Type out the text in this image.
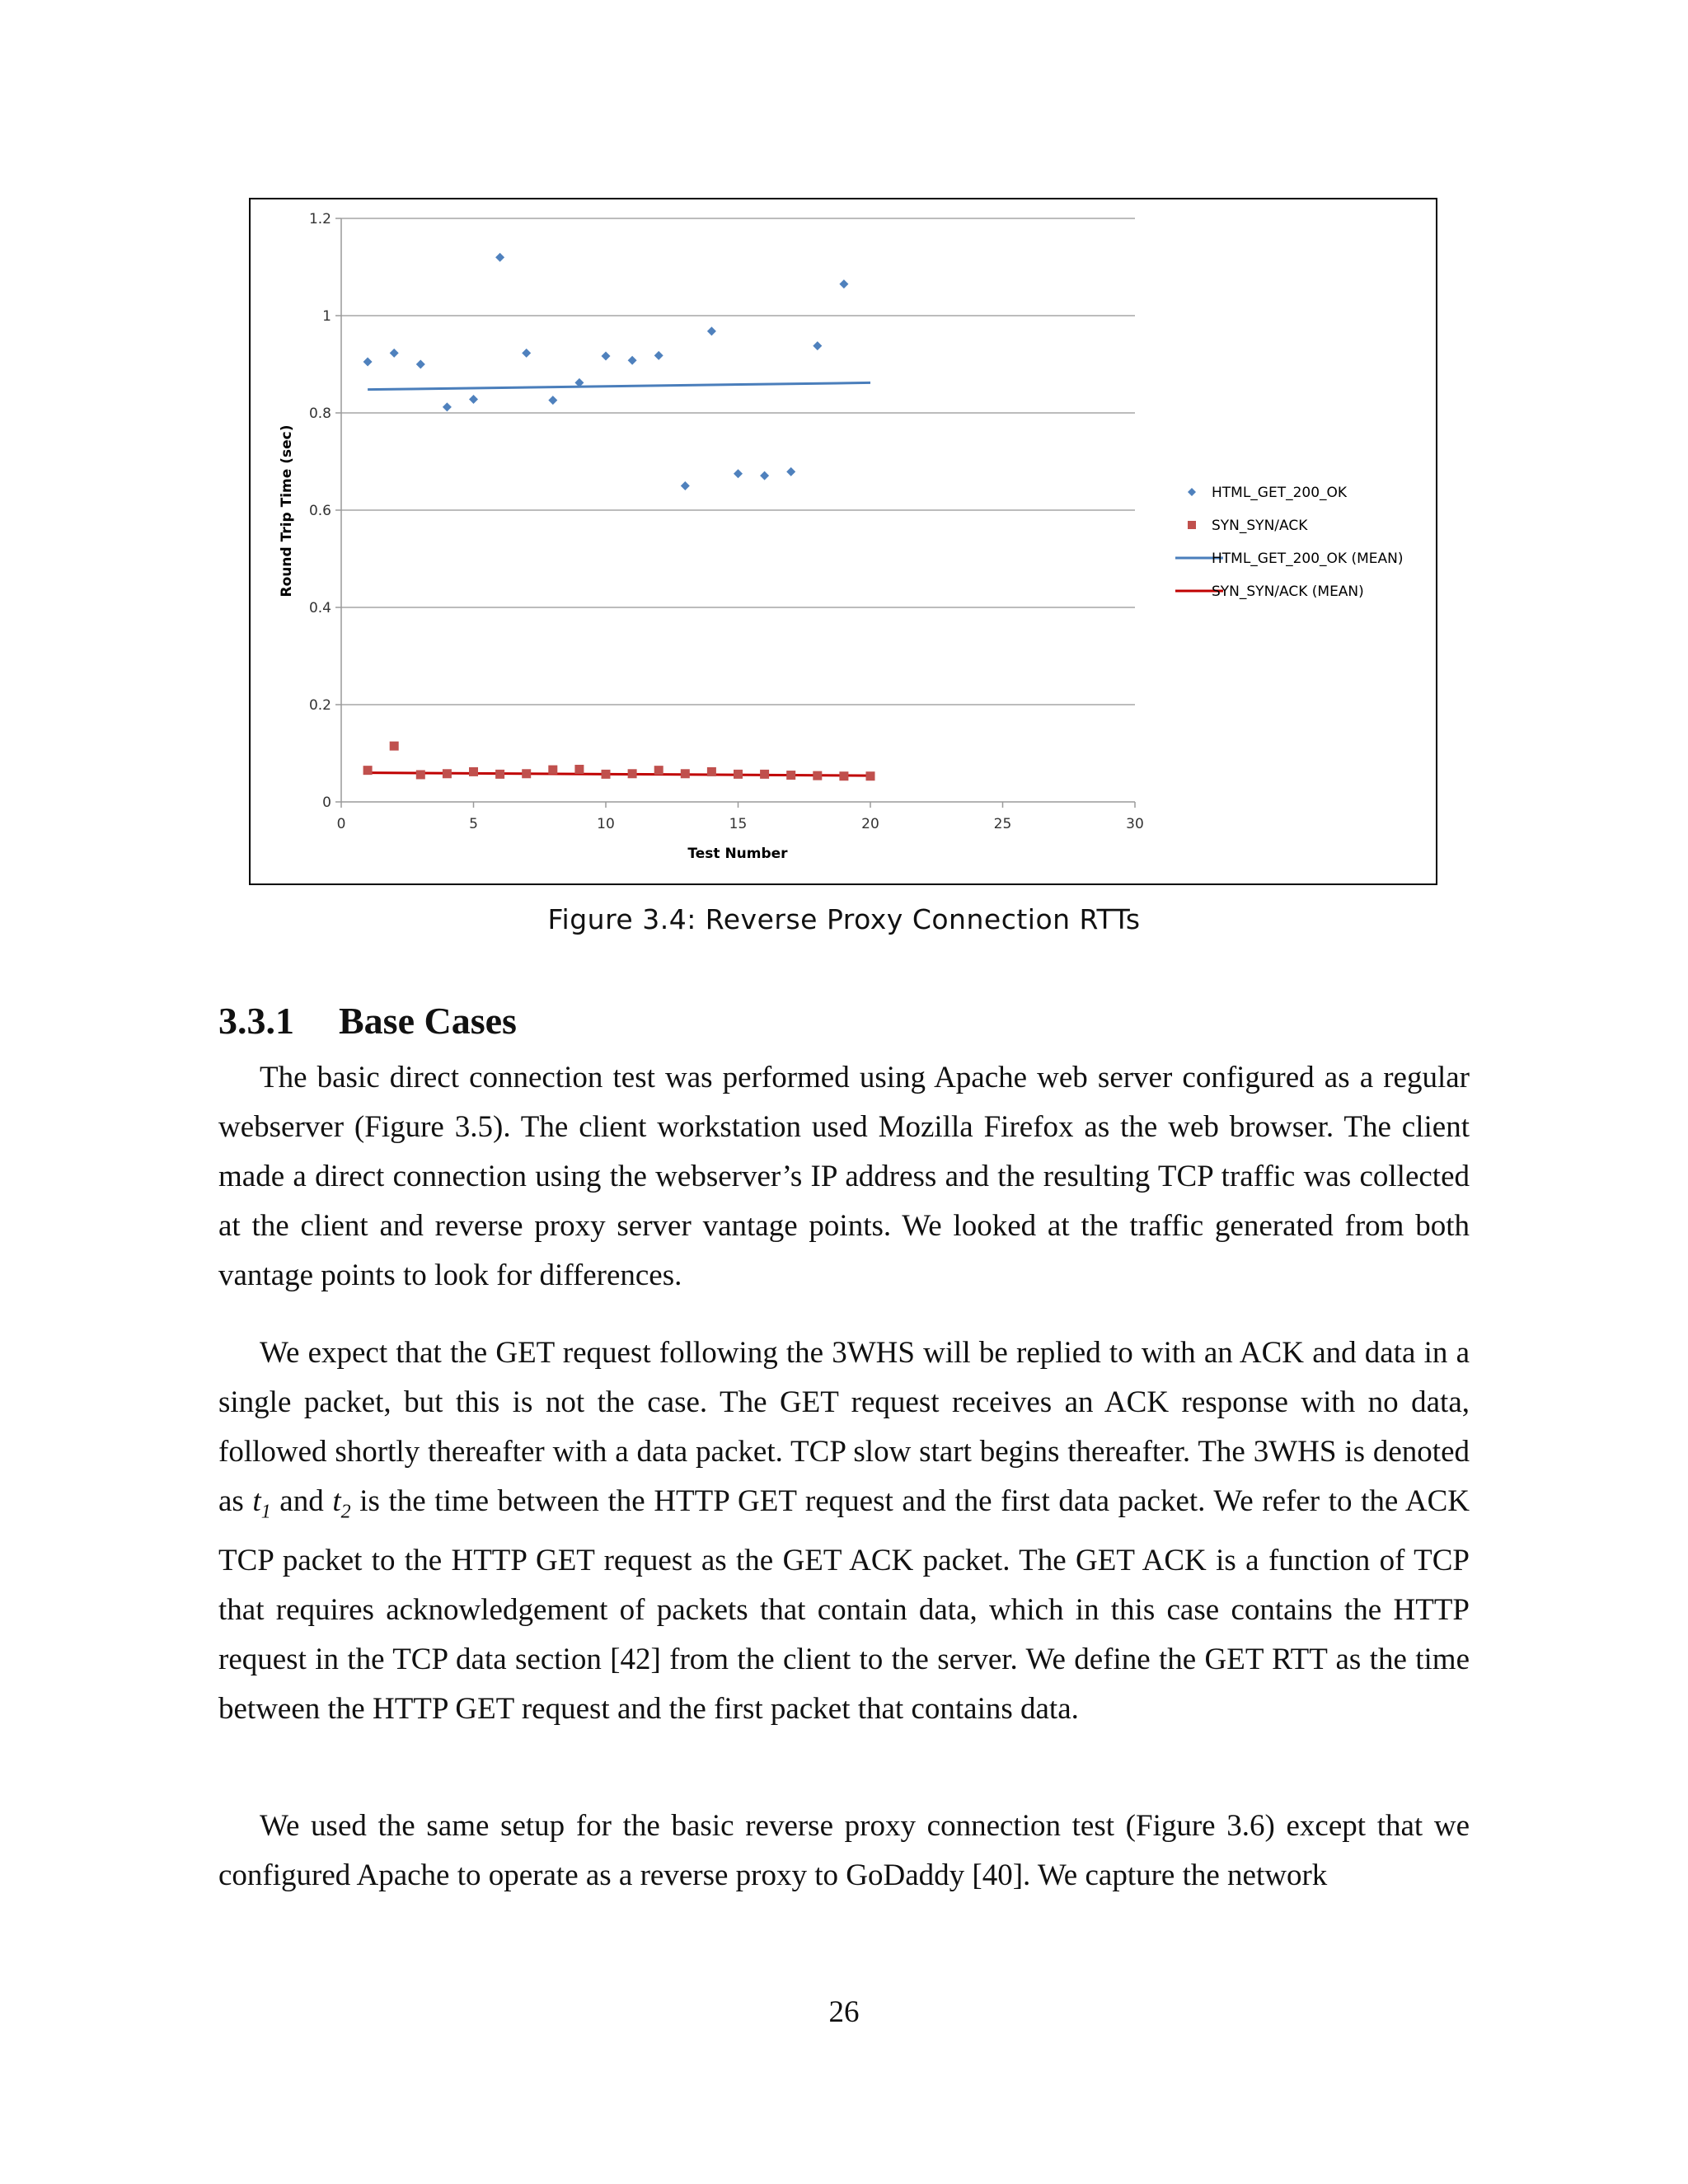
0
0.2
0.4
0.6
0.8
1
1.2
0	5	10	15	20	25	30
Test Number
Round Trip Time (sec)	HTML_GET_200_OK
SYN_SYN/ACK
HTML_GET_200_OK (MEAN)
SYN_SYN/ACK (MEAN)
Figure 3.4: Reverse Proxy Connection RTTs
3.3.1 Base Cases

The basic direct connection test was performed using Apache web server configured as a regular webserver (Figure 3.5). The client workstation used Mozilla Firefox as the web browser. The client made a direct connection using the webserver’s IP address and the resulting TCP traffic was collected at the client and reverse proxy server vantage points. We looked at the traffic generated from both vantage points to look for differences.

We expect that the GET request following the 3WHS will be replied to with an ACK and data in a single packet, but this is not the case. The GET request receives an ACK response with no data, followed shortly thereafter with a data packet. TCP slow start begins thereafter. The 3WHS is denoted as $t_1$ and $t_2$ is the time between the HTTP GET request and the first data packet. We refer to the ACK TCP packet to the HTTP GET request as the GET ACK packet. The GET ACK is a function of TCP that requires acknowledgement of packets that contain data, which in this case contains the HTTP request in the TCP data section [42] from the client to the server. We define the GET RTT as the time between the HTTP GET request and the first packet that contains data.

We used the same setup for the basic reverse proxy connection test (Figure 3.6) except that we configured Apache to operate as a reverse proxy to GoDaddy [40]. We capture the network

26
